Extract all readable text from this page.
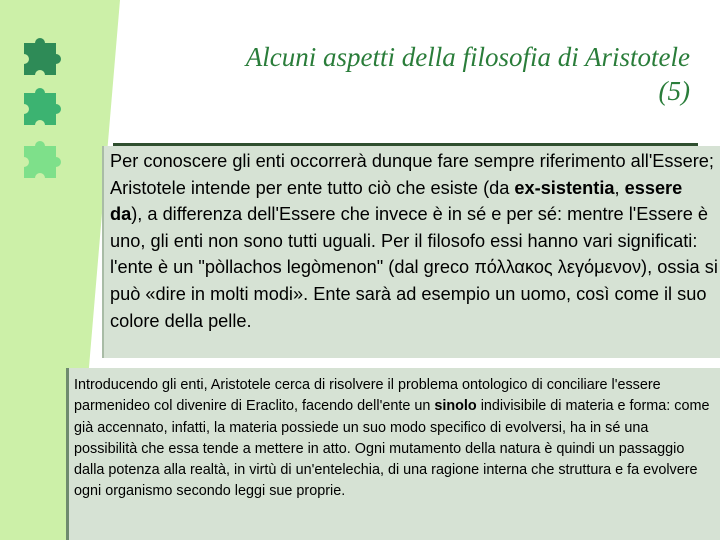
Alcuni aspetti della filosofia di Aristotele
(5)
Per conoscere gli enti occorrerà dunque fare sempre riferimento all'Essere; Aristotele intende per ente tutto ciò che esiste (da ex-sistentia, essere da), a differenza dell'Essere che invece è in sé e per sé: mentre l'Essere è uno, gli enti non sono tutti uguali. Per il filosofo essi hanno vari significati: l'ente è un "pòllachos legòmenon" (dal greco πόλλακος λεγόμενον), ossia si può «dire in molti modi». Ente sarà ad esempio un uomo, così come il suo colore della pelle.
Introducendo gli enti, Aristotele cerca di risolvere il problema ontologico di conciliare l'essere parmenideo col divenire di Eraclito, facendo dell'ente un sinolo indivisibile di materia e forma: come già accennato, infatti, la materia possiede un suo modo specifico di evolversi, ha in sé una possibilità che essa tende a mettere in atto. Ogni mutamento della natura è quindi un passaggio dalla potenza alla realtà, in virtù di un'entelechia, di una ragione interna che struttura e fa evolvere ogni organismo secondo leggi sue proprie.
